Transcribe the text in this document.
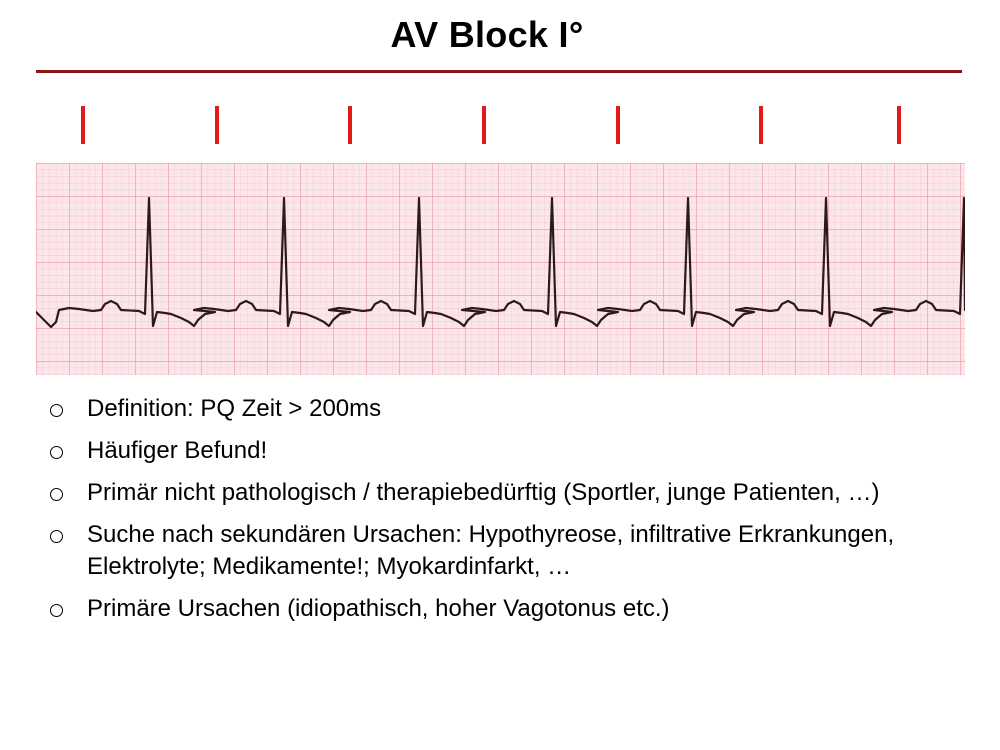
AV Block I°
Definition: PQ Zeit > 200ms
Häufiger Befund!
Primär nicht pathologisch / therapiebedürftig (Sportler, junge Patienten, …)
Suche nach sekundären Ursachen: Hypothyreose, infiltrative Erkrankungen, Elektrolyte; Medikamente!; Myokardinfarkt, …
Primäre Ursachen (idiopathisch, hoher Vagotonus etc.)
